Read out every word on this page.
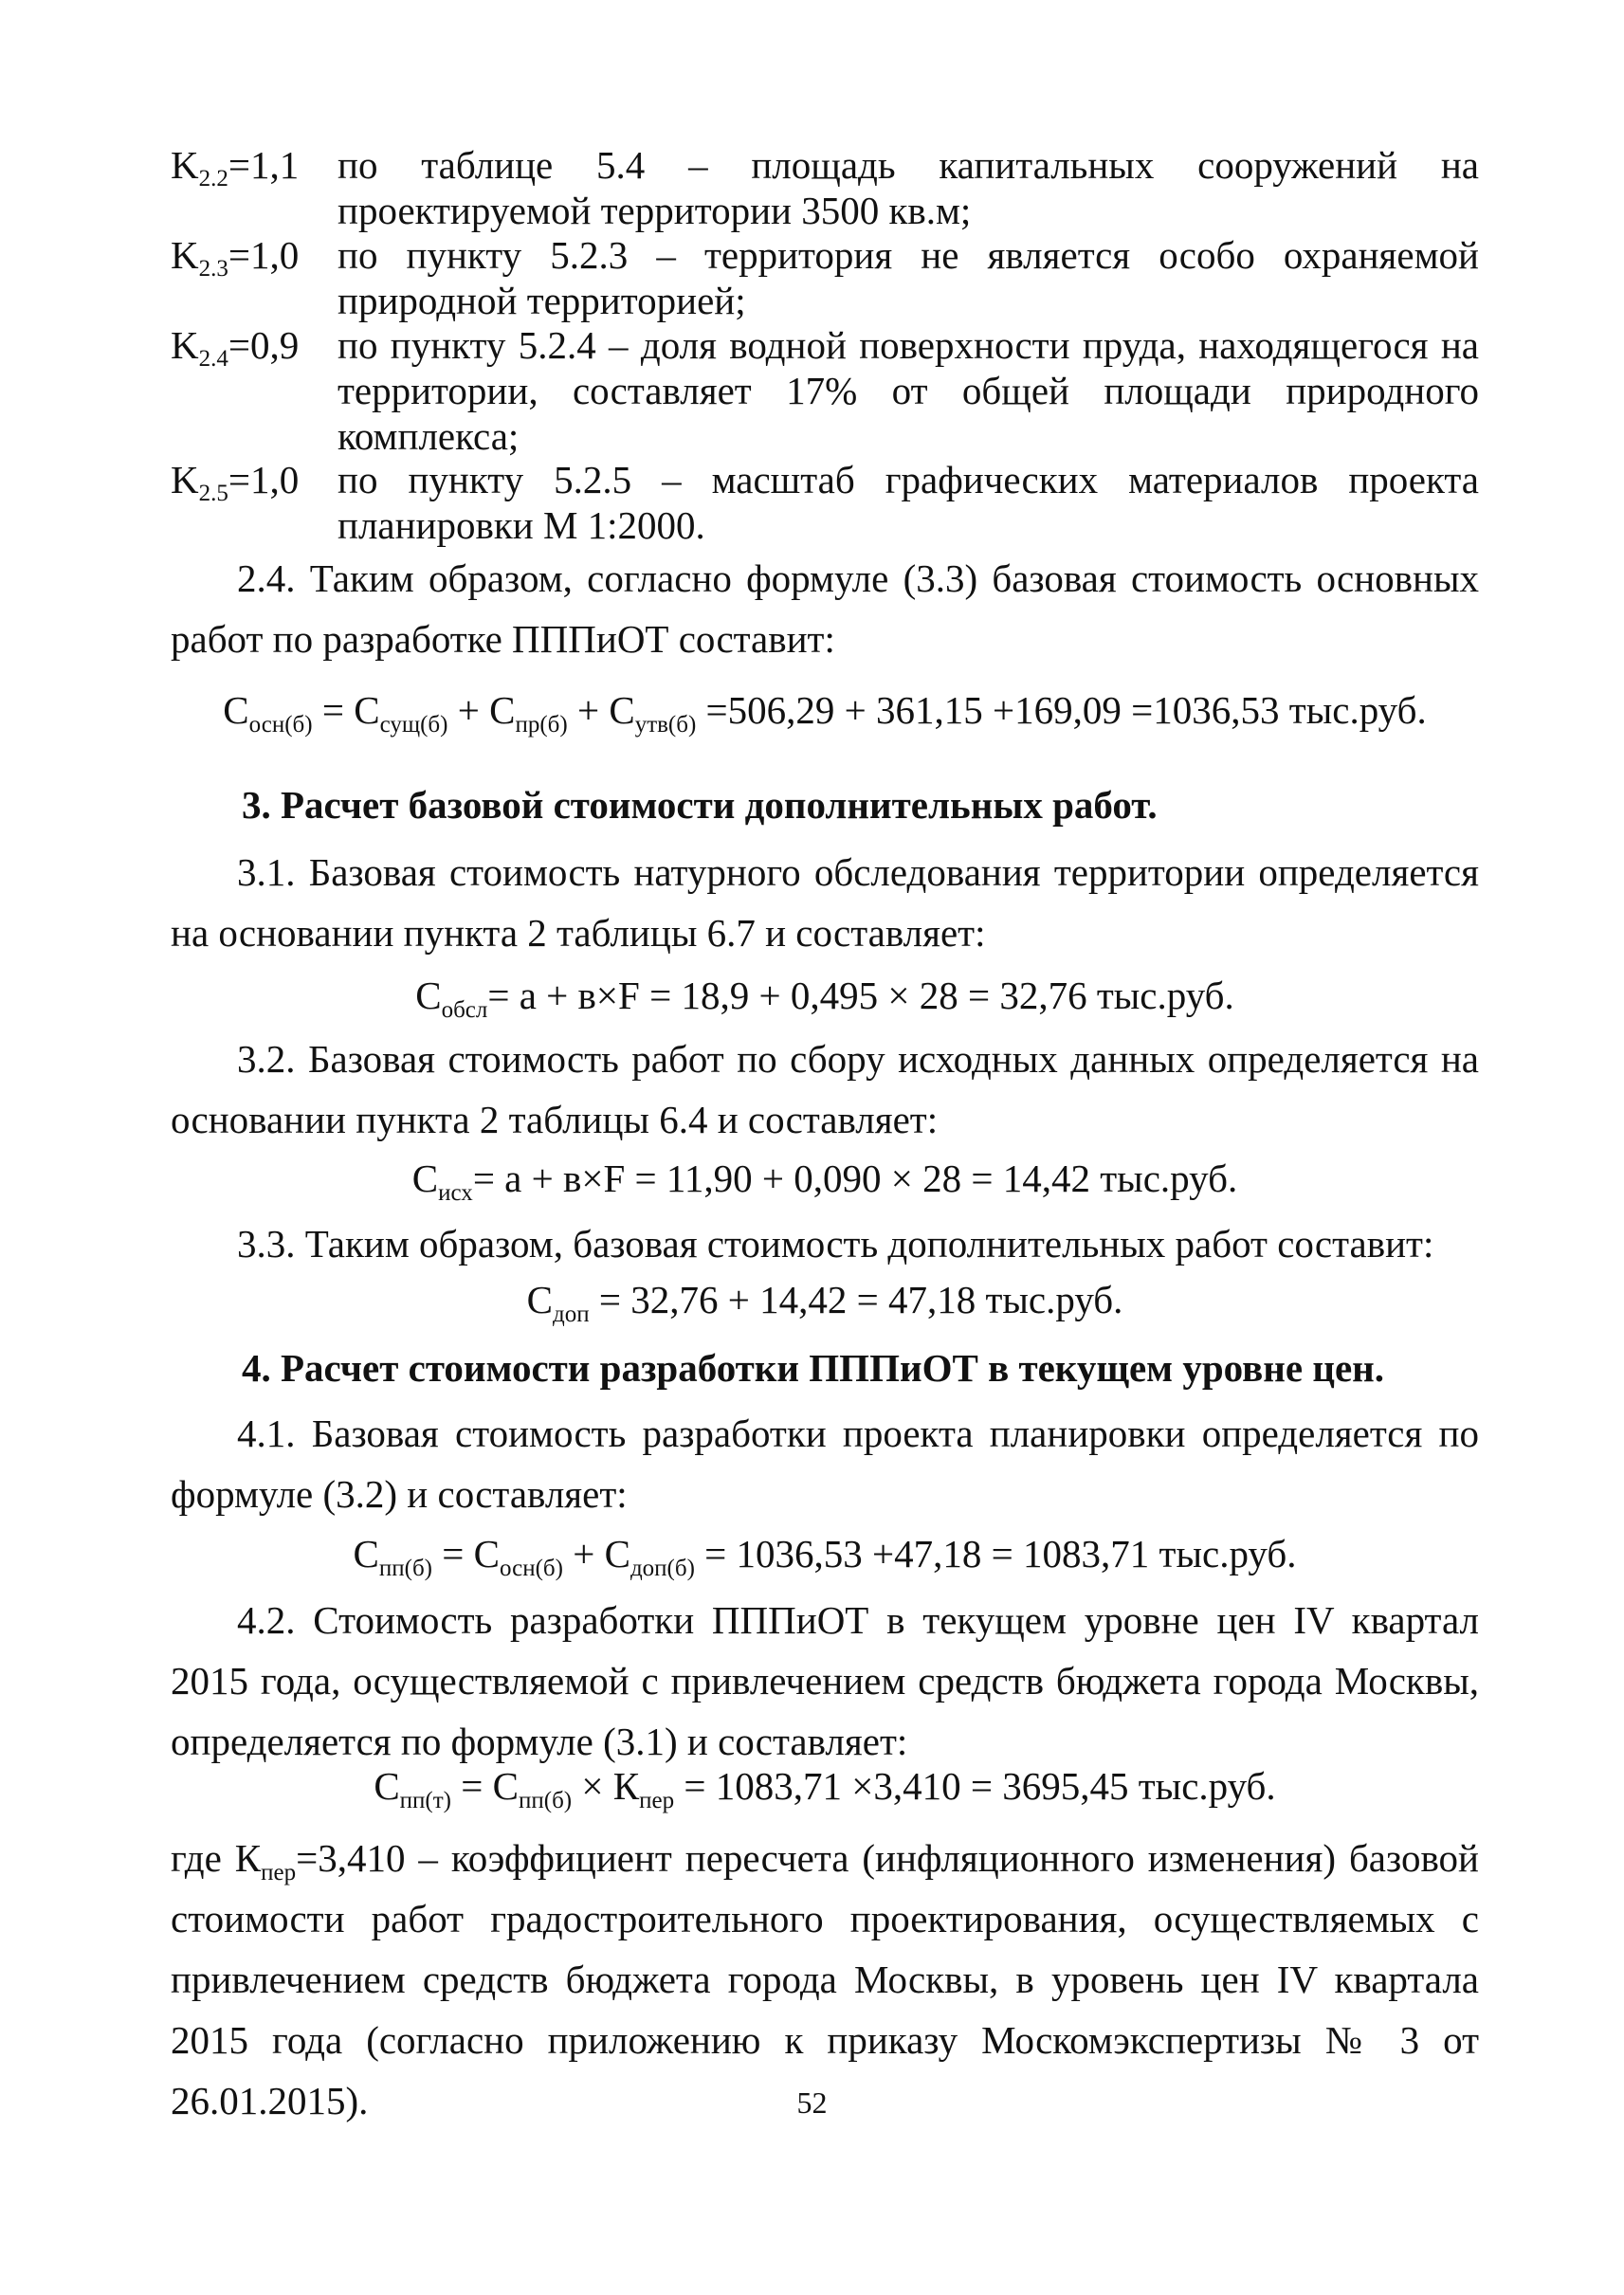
$K_{2.2}=1,1$ по таблице 5.4 – площадь капитальных сооружений на проектируемой территории 3500 кв.м;
$K_{2.3}=1,0$ по пункту 5.2.3 – территория не является особо охраняемой природной территорией;
$K_{2.4}=0,9$ по пункту 5.2.4 – доля водной поверхности пруда, находящегося на территории, составляет 17% от общей площади природного комплекса;
$K_{2.5}=1,0$ по пункту 5.2.5 – масштаб графических материалов проекта планировки М 1:2000.
2.4. Таким образом, согласно формуле (3.3) базовая стоимость основных работ по разработке ПППиОТ составит:
$С_{осн(б)} = С_{сущ(б)} + С_{пр(б)} + С_{утв(б)} =506,29 + 361,15 +169,09 =1036,53$ тыс.руб.
3. Расчет базовой стоимости дополнительных работ.
3.1. Базовая стоимость натурного обследования территории определяется на основании пункта 2 таблицы 6.7 и составляет:
$С_{обсл}= а + в\times F = 18,9 + 0,495 \times 28 = 32,76$ тыс.руб.
3.2. Базовая стоимость работ по сбору исходных данных определяется на основании пункта 2 таблицы 6.4 и составляет:
$С_{исх}= а + в\times F = 11,90 + 0,090 \times 28 = 14,42$ тыс.руб.
3.3. Таким образом, базовая стоимость дополнительных работ составит:
$С_{доп} = 32,76 + 14,42 = 47,18$ тыс.руб.
4. Расчет стоимости разработки ПППиОТ в текущем уровне цен.
4.1. Базовая стоимость разработки проекта планировки определяется по формуле (3.2) и составляет:
$С_{пп(б)} = С_{осн(б)} + С_{доп(б)} = 1036,53 +47,18 = 1083,71$ тыс.руб.
4.2. Стоимость разработки ПППиОТ в текущем уровне цен IV квартал 2015 года, осуществляемой с привлечением средств бюджета города Москвы, определяется по формуле (3.1) и составляет:
$С_{пп(т)} = С_{пп(б)} \times К_{пер} = 1083,71 \times 3,410 = 3695,45$ тыс.руб.
где $К_{пер}=3,410$ – коэффициент пересчета (инфляционного изменения) базовой стоимости работ градостроительного проектирования, осуществляемых с привлечением средств бюджета города Москвы, в уровень цен IV квартала 2015 года (согласно приложению к приказу Москомэкспертизы № 3 от 26.01.2015).	52
